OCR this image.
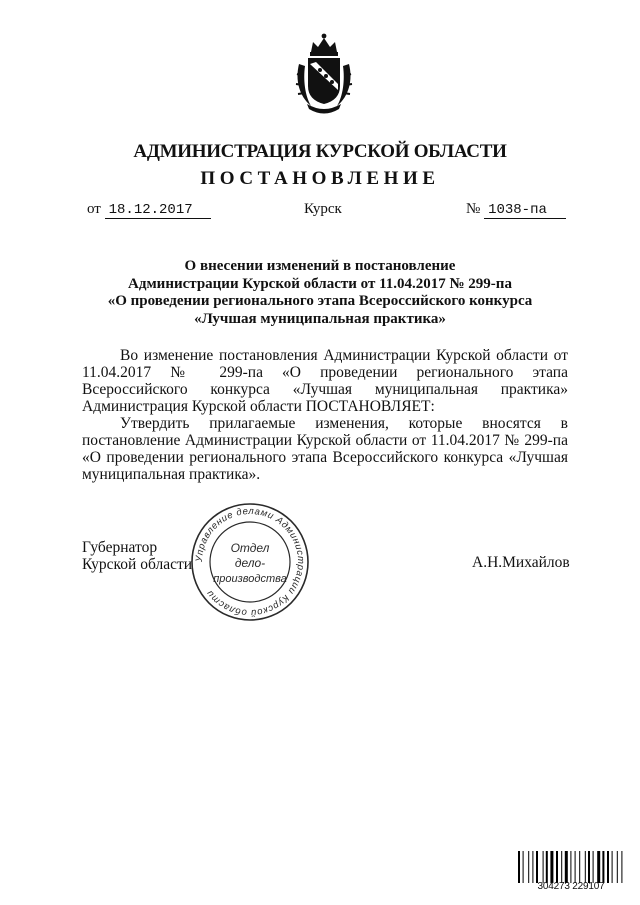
АДМИНИСТРАЦИЯ КУРСКОЙ ОБЛАСТИ
ПОСТАНОВЛЕНИЕ
от 18.12.2017	Курск	№ 1038-па
О внесении изменений в постановление
Администрации Курской области от 11.04.2017 № 299-па
«О проведении регионального этапа Всероссийского конкурса
«Лучшая муниципальная практика»
Во изменение постановления Администрации Курской области от 11.04.2017 № 299-па «О проведении регионального этапа Всероссийского конкурса «Лучшая муниципальная практика» Администрация Курской области ПОСТАНОВЛЯЕТ:
Утвердить прилагаемые изменения, которые вносятся в постановление Администрации Курской области от 11.04.2017 № 299-па «О проведении регионального этапа Всероссийского конкурса «Лучшая муниципальная практика».
Губернатор
Курской области	А.Н.Михайлов
Управление делами Администрации Курской области
Отдел
дело-
производства
304273 229107
